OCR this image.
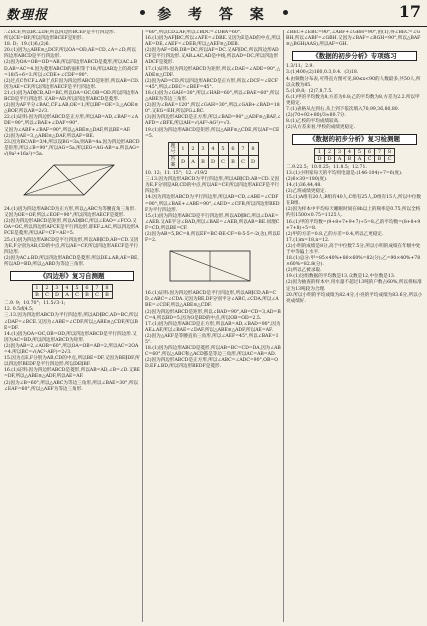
数理报	参 考 答 案	17

∴∠ECF,所以BC⊥DF,所以四边形BCEF是平行四边形.
所以CE=BF,所以四边形BCEF是矩形.
18. D;  19.(1)6,(2)6.
20.(1)因为△ABE≌△DCF,所以OA=OD,AE=CD,∠A=∠D,所以四边形ABCD是平行四边形.
(2)因为OA=OB=OD=AB,所以四边形ABCD是菱形,所以AC⊥BD,AB=AC=4.因为菱形ABCD的面积等于18,所以AB边上的高CF=18/5÷6=3.所以∠CDE+∠CDF=90°.
(2)过点C作CF⊥AB于点F.因为四边形ABCD是矩形,所以AB=CD.因为AE=CF,所以四边形AECF是平行四边形.
21.(1)因为AD∥CB,AD=BC,所以OA=OC,OB=OD.所以四边形ABCD是平行四边形.又AB=AD,所以四边形ABCD是菱形.
(2)因为AF平分∠BAC,CF⊥AB,OE=1,所以BF=OE=3,△AOE≌△BOF,所以AB=2√3.
22.(1)证明:因为四边形ABCD是正方形,所以AB=AD,∠BAF=∠ADE=90°,所以∠BAE+∠DAF=90°.
又因为∠ABF+∠BAF=90°,所以△ABE≌△DAF,所以BE=AF.
(2)因为AE=3,△ABE≌△DAF,所以AF=BE.
23.因为BC/AB=3/4,所以设BG=3a,则AB=4a.因为四边形ABCD是矩形,所以∠B=90°,所以AG=5a,所以EG=AG-AB=a.所以AG=√(9a²+16a²)=5a.

24.(1)因为四边形ABCD为正方形,所以△ABC为等腰直角三角形.又因为OE=OF,所以∠EOF=90°,所以四边形AECF是菱形.
(2)因为四边形ABCD是矩形,所以AD∥BC,所以∠EAO=∠FCO.又OA=OC,所以四边形AFCE是平行四边形,即EF⊥AC,所以四边形AFCE是菱形,所以AF=CF=AE=5.
25.(1)因为四边形ABCD是平行四边形,所以AB∥CD,AB=CD.又因为E,F分别为AB,CD的中点,所以AE=CF,所以四边形AECF是平行四边形.
(2)因为AC⊥BD,所以四边形ABCD是菱形.所以DE⊥AB,AE=BE,所以AD=BD,所以△ABD为等边三角形.

《四边形》复习自测题
1	2	3	4	5	6	7	8
B	C	D	A	C	B	C	B

二.9. 9;  10.70°;  11.5√3-1;
12. 0.5或4.5;
三.13.因为四边形ABCD为平行四边形,所以AD∥BC,AD=BC,所以∠DAF=∠BCE.又因为∠ABE=∠CDF,所以△ABE≌△CDF,所以BE=DF.
14.(1)因为OA=OC,OB=OD,所以四边形ABCD是平行四边形.又因为AC=BD,所以四边形ABCD为矩形.
(2)因为AB=2,∠AOB=60°,所以OA=OB=AB=2,所以AC=2OA=4.所以BC=√(AC²-AB²)=2√3.
15.因为点E,F分别为AB,CD的中点,所以BE=DF,又因为BE∥DF,所以四边形BEDF是平行四边形,所以DE∥BF.
16.(1)证明:因为四边形ABCD是菱形,所以AB=AD,∠B=∠D.又BE=DF,所以△ABE≌△ADF,所以AE=AF.
(2)因为∠B=60°,所以△ABC为等边三角形,所以∠BAE=30°,所以∠EAF=60°,所以△AEF为等边三角形.

=60°,所以CD⊥AF,所以∠BDC=∠DBA=60°.
16.(1)因为AF∥BC,所以∠AFE=∠DBE.又因为E是AD的中点,所以AE=DE,∠AEF=∠DEB,所以△AEF≌△DEB.
(2)因为AF=DB,DB=DC,所以AF=DC.又AF∥DC,所以四边形ADCF是平行四边形.又AB⊥AC,AD是中线,所以AD=DC,所以四边形ADCF是菱形.
17.(1)证明:因为四边形ABCD为矩形,所以∠DAE=∠ADE=90°,△ADE≌△CDF.
(2)因为AD=CD,所以四边形ABCD是正方形,所以∠DCF=∠ECF=45°,所以∠DEC=∠BEF=45°.
18.(1)因为∠GAH=30°,所以∠HAB=60°,所以∠BAE=60°,所以△ABE为等边三角形.
(2)因为∠BAE=120°,所以∠GAH=30°,所以∠GAB+∠BAD=180°.又EG=EH,所以FG⊥BC.
(3)因为四边形ABCD是正方形,所以∠BAD=90°,△ADF≌△BAF,∠AFD=∠BFE,所以AH=√(AF²-AG²)=√3.
19.(1)因为四边形ABCD是矩形,所以△ABF≌△CDE,所以AF=CE=5.

题号	1	2	3	4	5	6	7	8
答案	D	A	B	D	C	B	C	D

10. 12;  11. 15°;  12. √19/2
三.13.因为四边形ABCD为平行四边形,所以AB∥CD,AB=CD.又因为E,F分别是AB,CD的中点,所以AE=CF,所以四边形AECF是平行四边形.
14.因为四边形ABCD为平行四边形,所以AB=CD,∠ABE=∠CDF=90°,所以∠BAE+∠ABE=90°,∠AED=∠CFB,所以四边形BEDF为平行四边形.
15.(1)因为四边形ABCD是平行四边形,所以AD∥BC,所以∠DAE=∠AEB.又AE平分∠BAD,所以∠BAE=∠AEB,所以AB=BE.同理CF=CD,所以BE=CF.
(2)因为AB=5,BC=8,所以EF=BC-BE-CF=8-5-5=-2(舍),所以EF=2.

16.(1)证明:因为四边形ABCD是平行四边形,所以AB∥CD,AB=CD,∠ABC=∠CDA.又因为BE,DF分别平分∠ABC,∠CDA,所以∠ABE=∠CDF,所以△ABE≌△CDF.
(2)因为四边形ABCD是矩形,所以∠BAD=90°,AB=CD=3,AD=BC=4,所以BD=5,因为O是BD的中点,所以OB=OD=2.5.
17.(1)因为四边形ABCD是正方形,所以AB=AD,∠BAD=90°,因为AE⊥AF,所以∠BAE=∠DAF,所以△ABE≌△ADF,所以AE=AF.
(2)因为△AEF是等腰直角三角形,所以∠AEF=45°,所以∠BAE=15°.
18.(1)因为四边形ABCD是菱形,所以AB=BC=CD=DA,因为∠ABC=60°,所以△ABC和△ACD都是等边三角形,所以AC=AB=AD.
(2)因为四边形ABCD是正方形,所以∠ABC=∠ADC=90°,OB=OD,EF⊥BD,所以四边形BEDF是菱形.

∠BEC+∠EBC=90°,∠ABF+∠GBH=90°,由(1),得∠BEC=∠GBH,所以∠ABF=∠GBH.又因为∠BAF=∠BGH=90°,所以△BAF≌△BGH(AAS),所以AF=GH.

《数据的初步分析》专项练习

1.3/11;  2.9.
3.(1)400;(2)160,0.3,0.4.  (3)18.
4.由频数分布表,可得直方图可见,80≤x<90的人数最多,共50人,所以众数为85.
5.(1)9,8;  (2)7,8,7.5.
6.(1)甲的平均数为8,方差为0.8;乙的平均数为8,方差为2.2.所以甲更稳定.
7.(1)表格从左到右,从上到下依次填入70,99,36,80,80.
(2)(70+92+80)/3≈80.7分.
8.(1)乙校的平均成绩较高.
(2)从方差来看,甲校的成绩更稳定.

《数据的初步分析》复习检测题
1	2	3	4	5	6	7	8
D	D	A	B	A	C	B	C

二.9.22.5;  10.0.25;  11.8.5;  12.71.
13.(1)小明家每天的平均用电量是:(146-104)÷7=6(度).
(2)6×30=180(度).
14.(1)36,44,48.
(2)乙班成绩更稳定.
15.(1)A组有20人,B组有40人,C组有25人,D组有15人,所以中位数在B组.
(2)因为样本中平均每天睡眠时间在8h以上的频率是0.75,所以全校约有1500×0.75=1125人.
16.(1)甲的平均数=(9+8+7+9+7)÷5=8,乙的平均数=(8+8+9+7+8)÷5=8.
(2)甲的方差=0.8,乙的方差=0.4,所以乙更稳定.
17.(1)m=18,n=12.
(2)小明的成绩是8分,高于中位数7.5分,所以小明的成绩在年级中处于中等偏上水平.
18.(1)总分:甲=85×40%+80×60%=82(分);乙=90×40%+78×60%=82.8(分).
(2)所以乙被录取.
19.(1)这组数据的平均数是13,众数是12,中位数是13.
(2)因为抽查的样本中,用水量不超过13吨的户数占60%,所以将标准定为13吨较为合理.
20.所以小明的平均成绩为82.4分,小亮的平均成绩为83.6分,所以小亮成绩好.
